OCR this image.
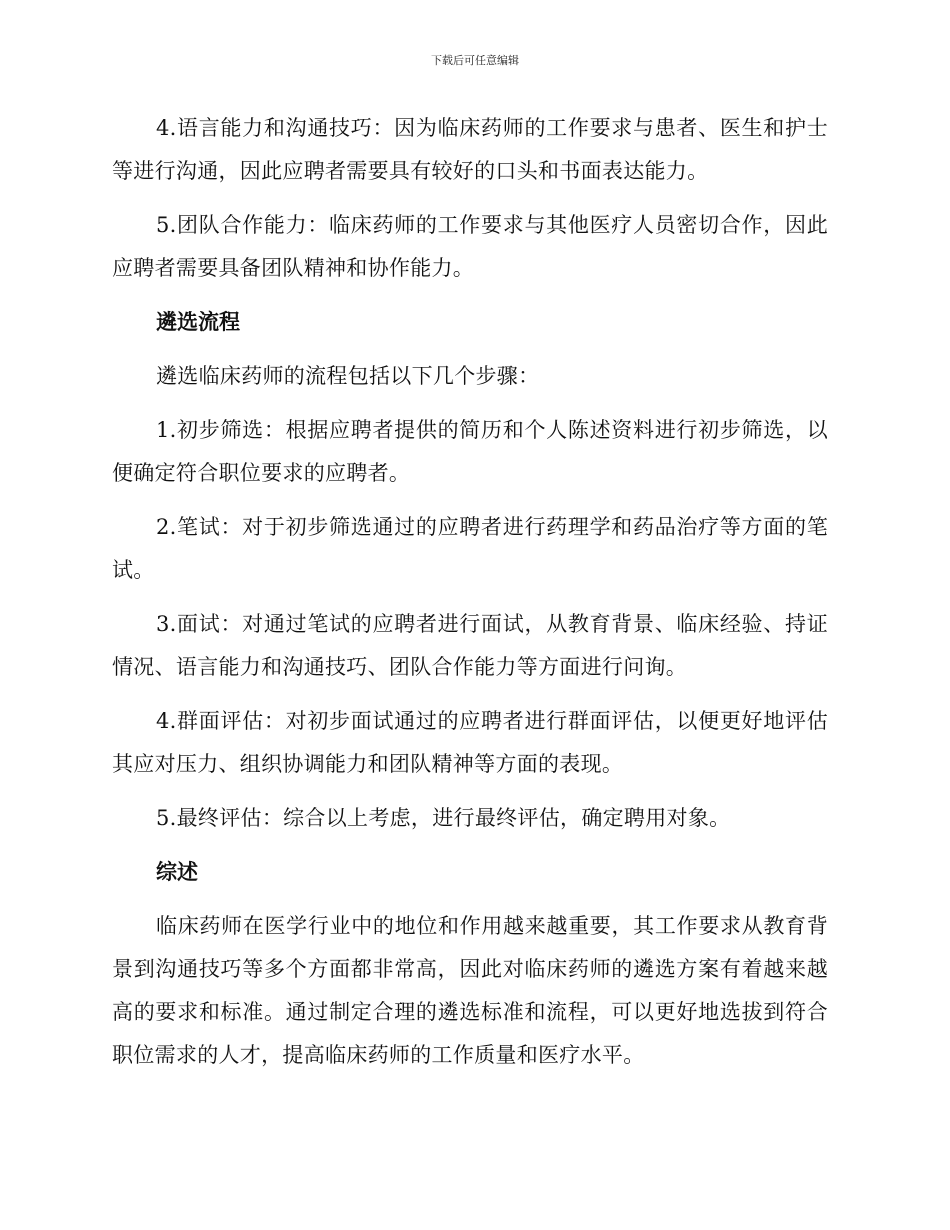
下载后可任意编辑

4.语言能力和沟通技巧：因为临床药师的工作要求与患者、医生和护士等进行沟通，因此应聘者需要具有较好的口头和书面表达能力。

5.团队合作能力：临床药师的工作要求与其他医疗人员密切合作，因此应聘者需要具备团队精神和协作能力。

遴选流程

遴选临床药师的流程包括以下几个步骤：

1.初步筛选：根据应聘者提供的简历和个人陈述资料进行初步筛选，以便确定符合职位要求的应聘者。

2.笔试：对于初步筛选通过的应聘者进行药理学和药品治疗等方面的笔试。

3.面试：对通过笔试的应聘者进行面试，从教育背景、临床经验、持证情况、语言能力和沟通技巧、团队合作能力等方面进行问询。

4.群面评估：对初步面试通过的应聘者进行群面评估，以便更好地评估其应对压力、组织协调能力和团队精神等方面的表现。

5.最终评估：综合以上考虑，进行最终评估，确定聘用对象。

综述

临床药师在医学行业中的地位和作用越来越重要，其工作要求从教育背景到沟通技巧等多个方面都非常高，因此对临床药师的遴选方案有着越来越高的要求和标准。通过制定合理的遴选标准和流程，可以更好地选拔到符合职位需求的人才，提高临床药师的工作质量和医疗水平。
